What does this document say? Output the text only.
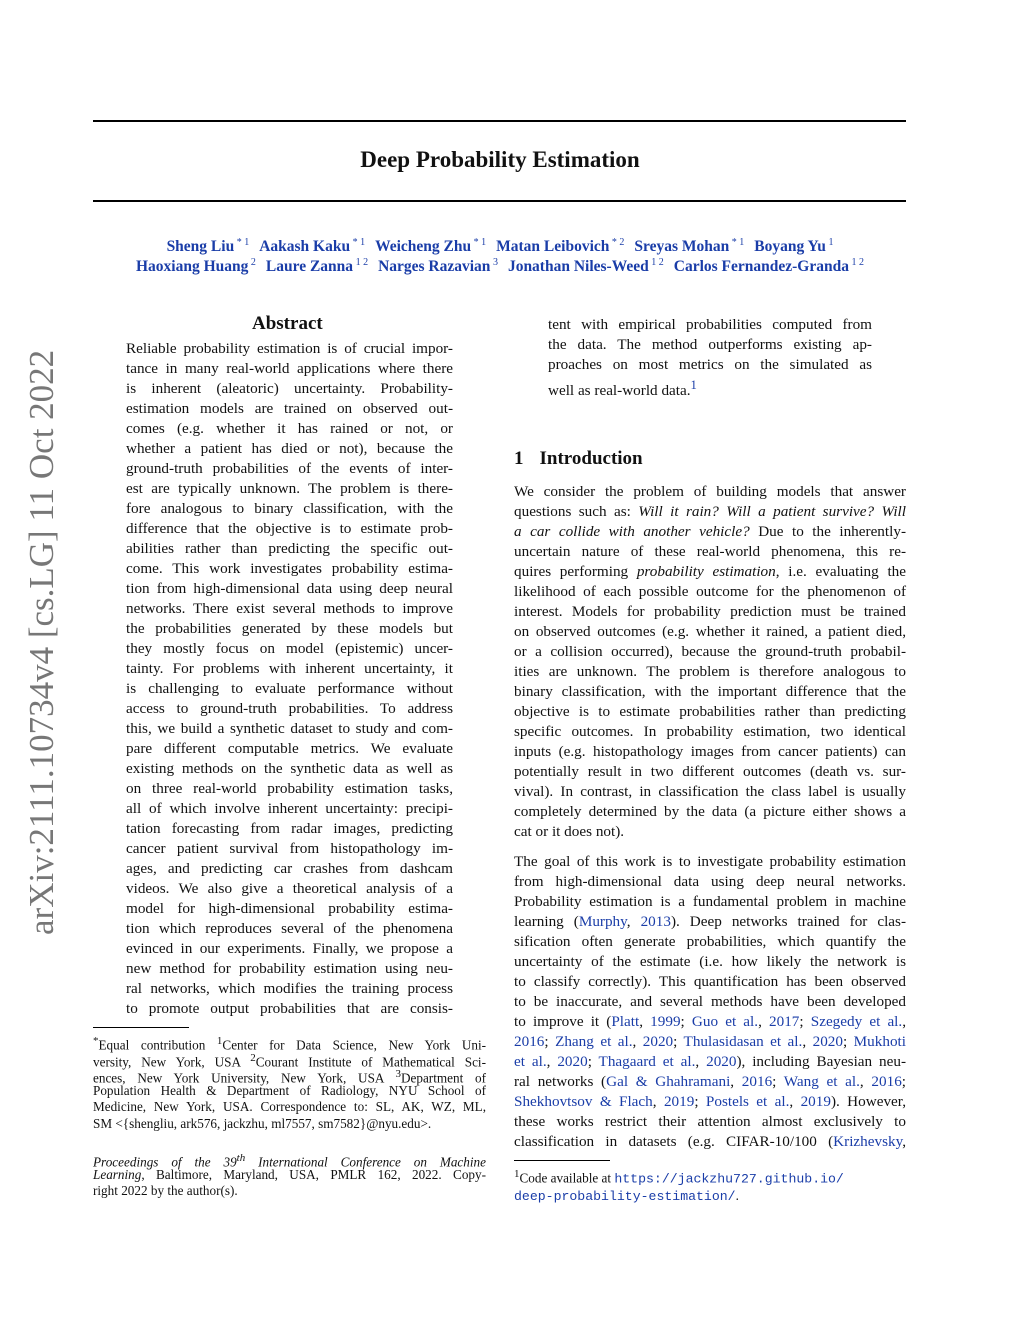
arXiv:2111.10734v4 [cs.LG] 11 Oct 2022
Deep Probability Estimation
Sheng Liu $^{* 1}$ Aakash Kaku $^{* 1}$ Weicheng Zhu $^{* 1}$ Matan Leibovich $^{* 2}$ Sreyas Mohan $^{* 1}$ Boyang Yu $^1$
Haoxiang Huang $^2$ Laure Zanna $^{1 2}$ Narges Razavian $^3$ Jonathan Niles-Weed $^{1 2}$ Carlos Fernandez-Granda $^{1 2}$
Abstract
Reliable probability estimation is of crucial impor-
tance in many real-world applications where there
is inherent (aleatoric) uncertainty. Probability-
estimation models are trained on observed out-
comes (e.g. whether it has rained or not, or
whether a patient has died or not), because the
ground-truth probabilities of the events of inter-
est are typically unknown. The problem is there-
fore analogous to binary classification, with the
difference that the objective is to estimate prob-
abilities rather than predicting the specific out-
come. This work investigates probability estima-
tion from high-dimensional data using deep neural
networks. There exist several methods to improve
the probabilities generated by these models but
they mostly focus on model (epistemic) uncer-
tainty. For problems with inherent uncertainty, it
is challenging to evaluate performance without
access to ground-truth probabilities. To address
this, we build a synthetic dataset to study and com-
pare different computable metrics. We evaluate
existing methods on the synthetic data as well as
on three real-world probability estimation tasks,
all of which involve inherent uncertainty: precipi-
tation forecasting from radar images, predicting
cancer patient survival from histopathology im-
ages, and predicting car crashes from dashcam
videos. We also give a theoretical analysis of a
model for high-dimensional probability estima-
tion which reproduces several of the phenomena
evinced in our experiments. Finally, we propose a
new method for probability estimation using neu-
ral networks, which modifies the training process
to promote output probabilities that are consis-
tent with empirical probabilities computed from
the data. The method outperforms existing ap-
proaches on most metrics on the simulated as
well as real-world data.$^1$
1 Introduction
We consider the problem of building models that answer
questions such as: Will it rain? Will a patient survive? Will
a car collide with another vehicle? Due to the inherently-
uncertain nature of these real-world phenomena, this re-
quires performing probability estimation, i.e. evaluating the
likelihood of each possible outcome for the phenomenon of
interest. Models for probability prediction must be trained
on observed outcomes (e.g. whether it rained, a patient died,
or a collision occurred), because the ground-truth probabil-
ities are unknown. The problem is therefore analogous to
binary classification, with the important difference that the
objective is to estimate probabilities rather than predicting
specific outcomes. In probability estimation, two identical
inputs (e.g. histopathology images from cancer patients) can
potentially result in two different outcomes (death vs. sur-
vival). In contrast, in classification the class label is usually
completely determined by the data (a picture either shows a
cat or it does not).
The goal of this work is to investigate probability estimation
from high-dimensional data using deep neural networks.
Probability estimation is a fundamental problem in machine
learning (Murphy, 2013). Deep networks trained for clas-
sification often generate probabilities, which quantify the
uncertainty of the estimate (i.e. how likely the network is
to classify correctly). This quantification has been observed
to be inaccurate, and several methods have been developed
to improve it (Platt, 1999; Guo et al., 2017; Szegedy et al.,
2016; Zhang et al., 2020; Thulasidasan et al., 2020; Mukhoti
et al., 2020; Thagaard et al., 2020), including Bayesian neu-
ral networks (Gal & Ghahramani, 2016; Wang et al., 2016;
Shekhovtsov & Flach, 2019; Postels et al., 2019). However,
these works restrict their attention almost exclusively to
classification in datasets (e.g. CIFAR-10/100 (Krizhevsky,
*Equal contribution $^1$Center for Data Science, New York Uni-
versity, New York, USA $^2$Courant Institute of Mathematical Sci-
ences, New York University, New York, USA $^3$Department of
Population Health & Department of Radiology, NYU School of
Medicine, New York, USA. Correspondence to: SL, AK, WZ, ML,
SM <{shengliu, ark576, jackzhu, ml7557, sm7582}@nyu.edu>.
Proceedings of the 39th International Conference on Machine
Learning, Baltimore, Maryland, USA, PMLR 162, 2022. Copy-
right 2022 by the author(s).
$^1$Code available at https://jackzhu727.github.io/
deep-probability-estimation/.
